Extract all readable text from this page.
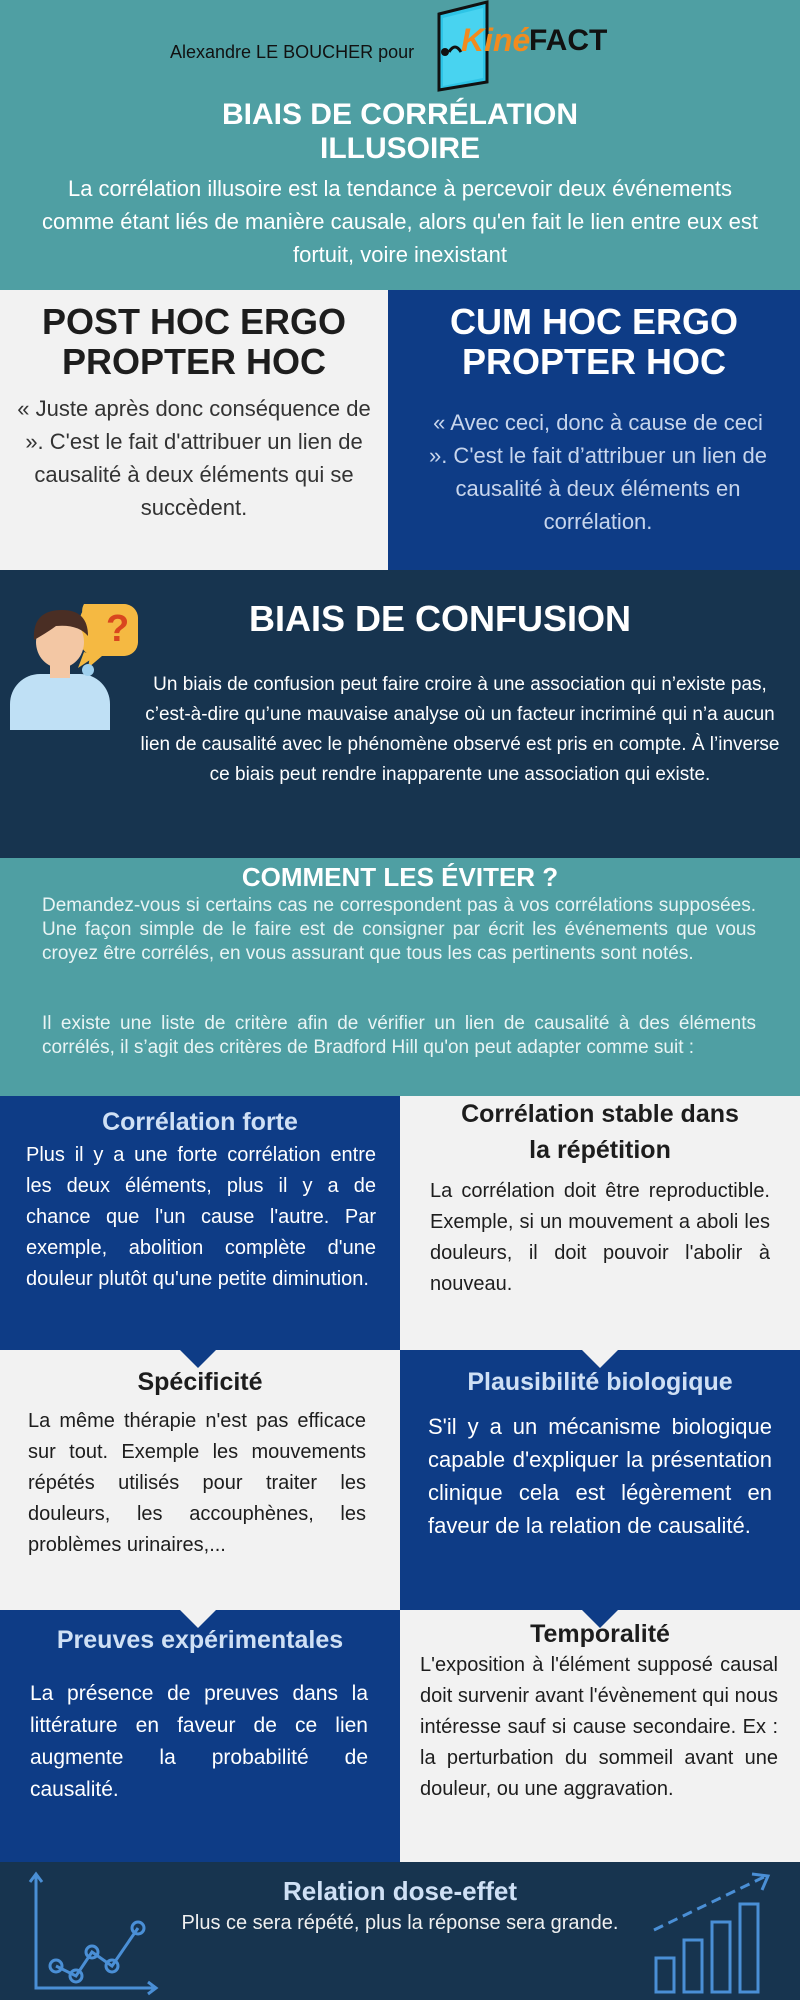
Alexandre LE BOUCHER pour Kiné
FACT
BIAIS DE CORRÉLATION
ILLUSOIRE

La corrélation illusoire est la tendance à percevoir deux événements comme étant liés de manière causale, alors qu'en fait le lien entre eux est fortuit, voire inexistant

POST HOC ERGO
PROPTER HOC

« Juste après donc conséquence de ». C'est le fait d'attribuer un lien de causalité à deux éléments qui se succèdent.

CUM HOC ERGO
PROPTER HOC

« Avec ceci, donc à cause de ceci ». C'est le fait d’attribuer un lien de causalité à deux éléments en corrélation.

?	BIAIS DE CONFUSION

Un biais de confusion peut faire croire à une association qui n’existe pas, c’est-à-dire qu’une mauvaise analyse où un facteur incriminé qui n’a aucun lien de causalité avec le phénomène observé est pris en compte. À l’inverse ce biais peut rendre inapparente une association qui existe.

COMMENT LES ÉVITER ?

Demandez-vous si certains cas ne correspondent pas à vos corrélations supposées. Une façon simple de le faire est de consigner par écrit les événements que vous croyez être corrélés, en vous assurant que tous les cas pertinents sont notés.

Il existe une liste de critère afin de vérifier un lien de causalité à des éléments corrélés, il s’agit des critères de Bradford Hill qu'on peut adapter comme suit :

Corrélation forte

Plus il y a une forte corrélation entre les deux éléments, plus il y a de chance que l'un cause l'autre. Par exemple, abolition complète d'une douleur plutôt qu'une petite diminution.

Corrélation stable dans
la répétition

La corrélation doit être reproductible. Exemple, si un mouvement a aboli les douleurs, il doit pouvoir l'abolir à nouveau.

Spécificité

La même thérapie n'est pas efficace sur tout. Exemple les mouvements répétés utilisés pour traiter les douleurs, les accouphènes, les problèmes urinaires,...

Plausibilité biologique

S'il y a un mécanisme biologique capable d'expliquer la présentation clinique cela est légèrement en faveur de la relation de causalité.

Preuves expérimentales

La présence de preuves dans la littérature en faveur de ce lien augmente la probabilité de causalité.

Temporalité

L'exposition à l'élément supposé causal doit survenir avant l'évènement qui nous intéresse sauf si cause secondaire. Ex : la perturbation du sommeil avant une douleur, ou une aggravation.

Relation dose-effet
Plus ce sera répété, plus la réponse sera grande.
